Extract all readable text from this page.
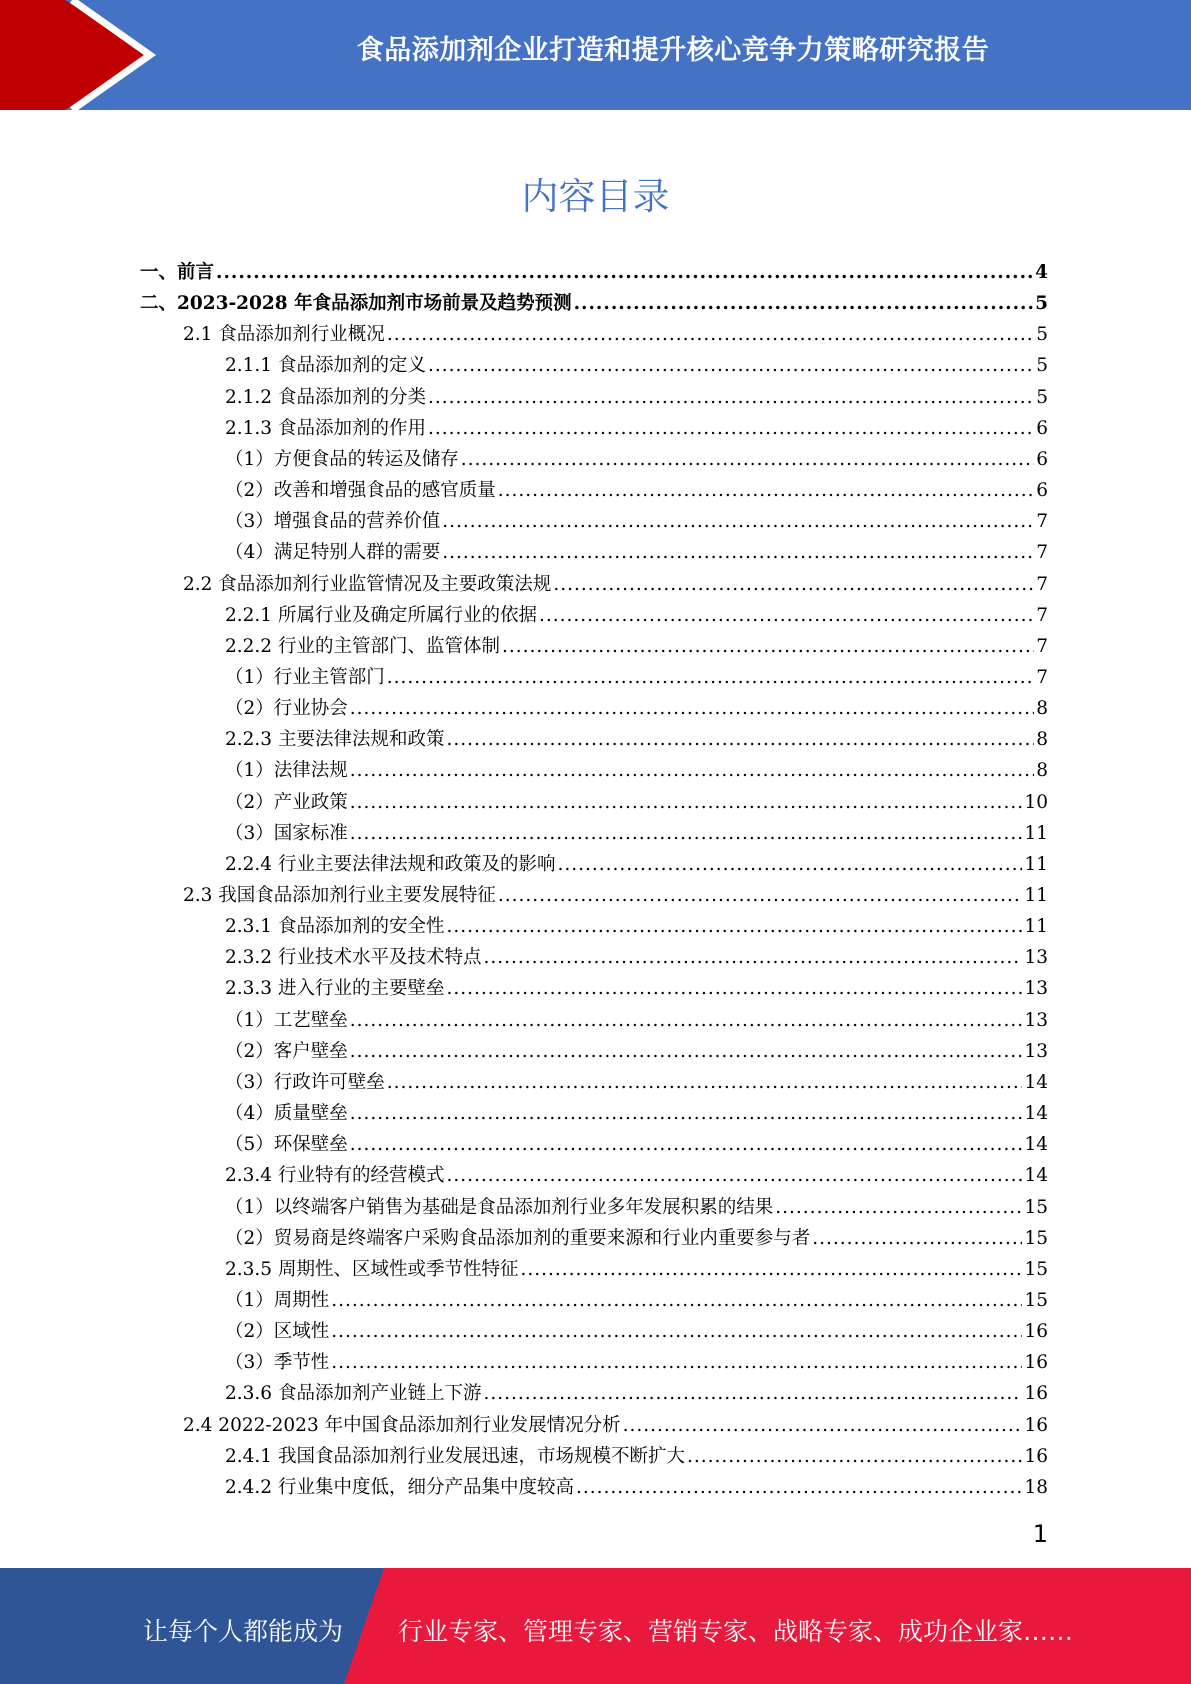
食品添加剂企业打造和提升核心竞争力策略研究报告
内容目录
一、前言 .....	4
二、2023-2028 年食品添加剂市场前景及趋势预测 .....	5
2.1 食品添加剂行业概况 .....	5
2.1.1 食品添加剂的定义 .....	5
2.1.2 食品添加剂的分类 .....	5
2.1.3 食品添加剂的作用 .....	6
（1）方便食品的转运及储存 .....	6
（2）改善和增强食品的感官质量 .....	6
（3）增强食品的营养价值 .....	7
（4）满足特别人群的需要 .....	7
2.2 食品添加剂行业监管情况及主要政策法规 .....	7
2.2.1 所属行业及确定所属行业的依据 .....	7
2.2.2 行业的主管部门、监管体制 .....	7
（1）行业主管部门 .....	7
（2）行业协会 .....	8
2.2.3 主要法律法规和政策 .....	8
（1）法律法规 .....	8
（2）产业政策 .....	10
（3）国家标准 .....	11
2.2.4 行业主要法律法规和政策及的影响 .....	11
2.3 我国食品添加剂行业主要发展特征 .....	11
2.3.1 食品添加剂的安全性 .....	11
2.3.2 行业技术水平及技术特点 .....	13
2.3.3 进入行业的主要壁垒 .....	13
（1）工艺壁垒 .....	13
（2）客户壁垒 .....	13
（3）行政许可壁垒 .....	14
（4）质量壁垒 .....	14
（5）环保壁垒 .....	14
2.3.4 行业特有的经营模式 .....	14
（1）以终端客户销售为基础是食品添加剂行业多年发展积累的结果 .....	15
（2）贸易商是终端客户采购食品添加剂的重要来源和行业内重要参与者 .....	15
2.3.5 周期性、区域性或季节性特征 .....	15
（1）周期性 .....	15
（2）区域性 .....	16
（3）季节性 .....	16
2.3.6 食品添加剂产业链上下游 .....	16
2.4 2022-2023 年中国食品添加剂行业发展情况分析 .....	16
2.4.1 我国食品添加剂行业发展迅速，市场规模不断扩大 .....	16
2.4.2 行业集中度低，细分产品集中度较高 .....	18
1
让每个人都能成为 行业专家、管理专家、营销专家、战略专家、成功企业家……
